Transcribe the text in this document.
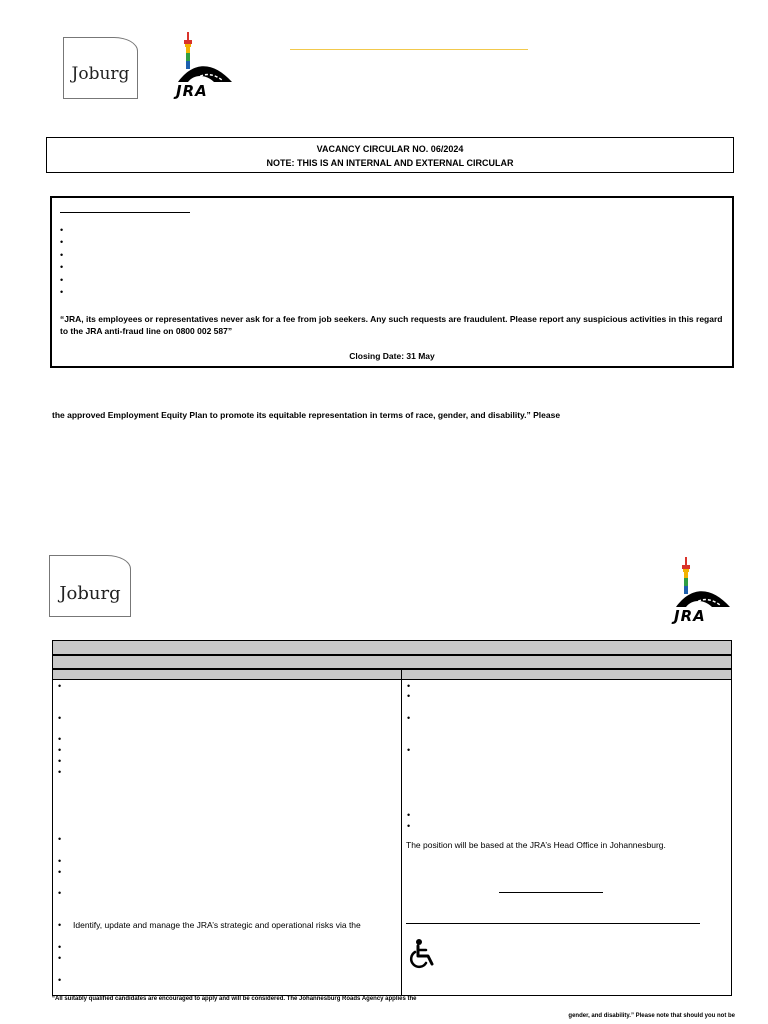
Joburg
JRA
VACANCY CIRCULAR NO. 06/2024
NOTE: THIS IS AN INTERNAL AND EXTERNAL CIRCULAR
•
•
•
•
•
•
“JRA, its employees or representatives never ask for a fee from job seekers. Any such requests are fraudulent. Please report any suspicious activities in this regard to the JRA anti-fraud line on 0800 002 587”
Closing Date: 31 May
the approved Employment Equity Plan to promote its equitable representation in terms of race, gender, and disability.” Please
Joburg
JRA
•
•
•
•
•
•
•
•
•
•
• Identify, update and manage the JRA’s strategic and operational risks via the
•
•
•
•
•
•
•
•
•
The position will be based at the JRA’s Head Office in Johannesburg.
“All suitably qualified candidates are encouraged to apply and will be considered. The Johannesburg Roads Agency applies the
gender, and disability.” Please note that should you not be
